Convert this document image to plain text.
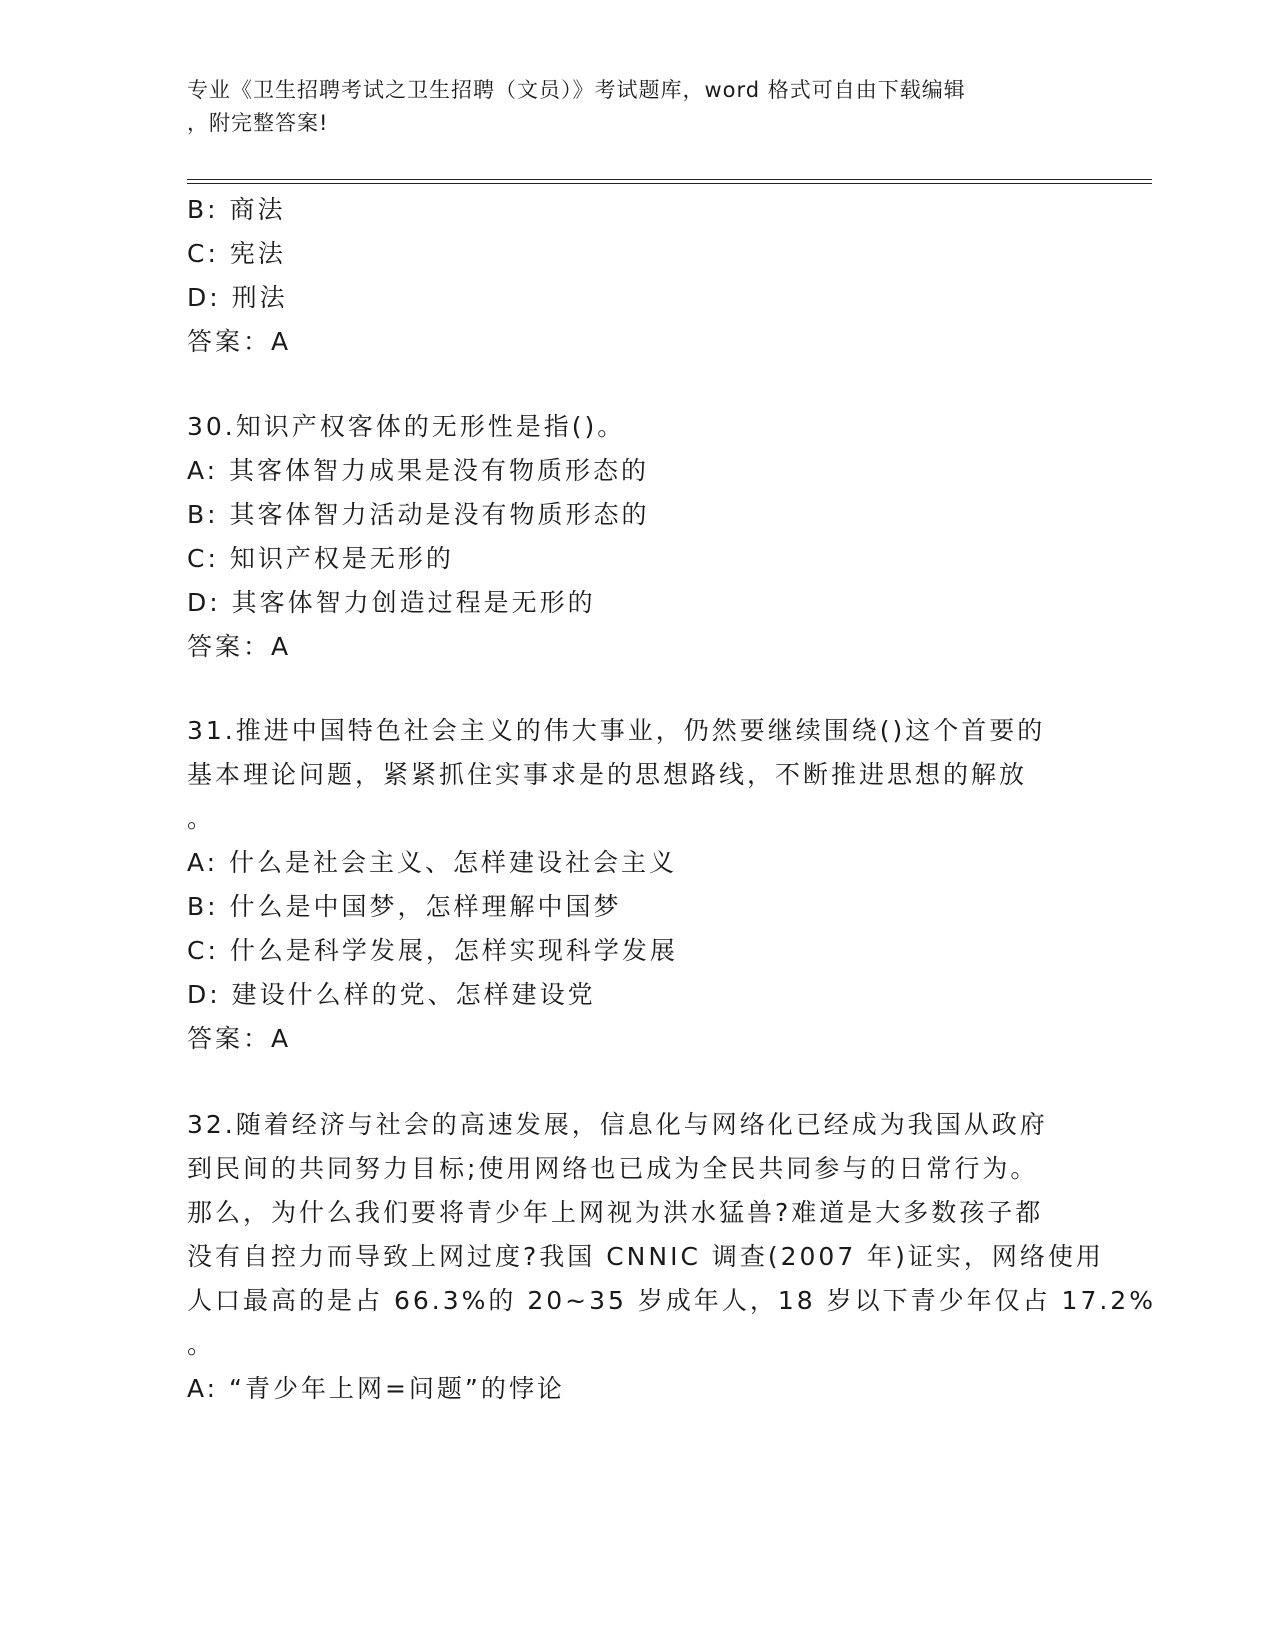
专业《卫生招聘考试之卫生招聘（文员）》考试题库，word 格式可自由下载编辑
，附完整答案!
B: 商法
C: 宪法
D: 刑法
答案：A
30.知识产权客体的无形性是指()。
A: 其客体智力成果是没有物质形态的
B: 其客体智力活动是没有物质形态的
C: 知识产权是无形的
D: 其客体智力创造过程是无形的
答案：A
31.推进中国特色社会主义的伟大事业，仍然要继续围绕()这个首要的
基本理论问题，紧紧抓住实事求是的思想路线，不断推进思想的解放
。
A: 什么是社会主义、怎样建设社会主义
B: 什么是中国梦，怎样理解中国梦
C: 什么是科学发展，怎样实现科学发展
D: 建设什么样的党、怎样建设党
答案：A
32.随着经济与社会的高速发展，信息化与网络化已经成为我国从政府
到民间的共同努力目标;使用网络也已成为全民共同参与的日常行为。
那么，为什么我们要将青少年上网视为洪水猛兽?难道是大多数孩子都
没有自控力而导致上网过度?我国 CNNIC 调查(2007 年)证实，网络使用
人口最高的是占 66.3%的 20~35 岁成年人，18 岁以下青少年仅占 17.2%
。
A: “青少年上网=问题”的悖论
